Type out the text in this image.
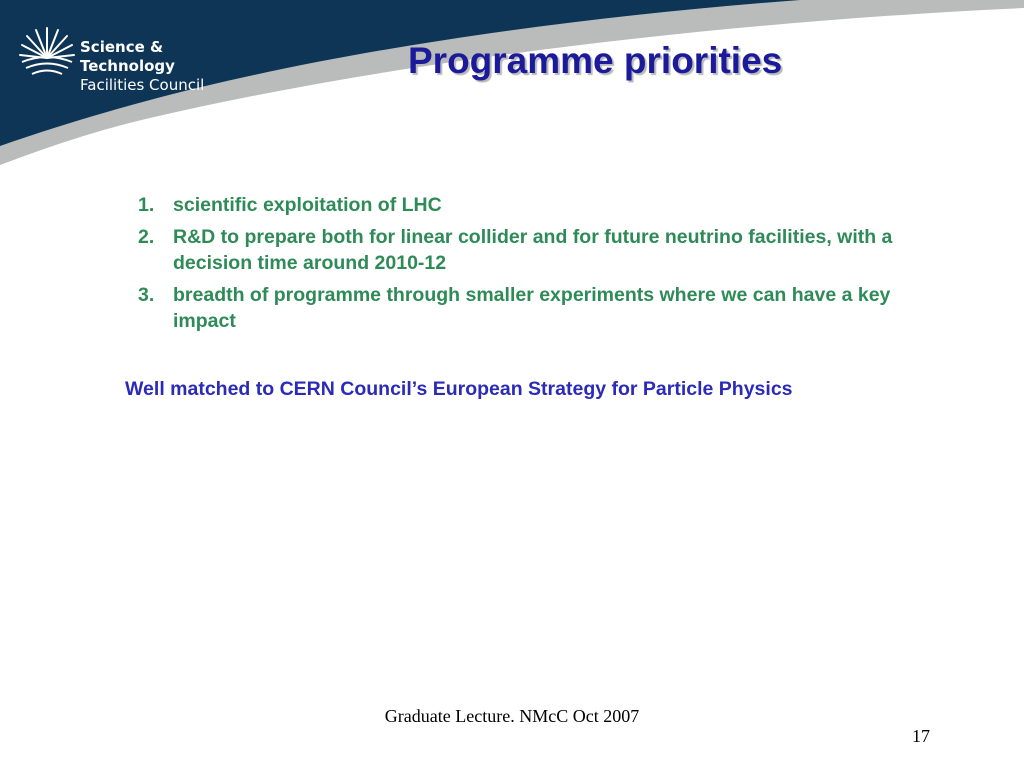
Science & Technology
Facilities Council
Programme priorities
1. scientific exploitation of LHC
2. R&D to prepare both for linear collider and for future neutrino facilities, with a decision time around 2010-12
3. breadth of programme through smaller experiments where we can have a key impact
Well matched to CERN Council’s European Strategy for Particle Physics
Graduate Lecture. NMcC Oct 2007
17
